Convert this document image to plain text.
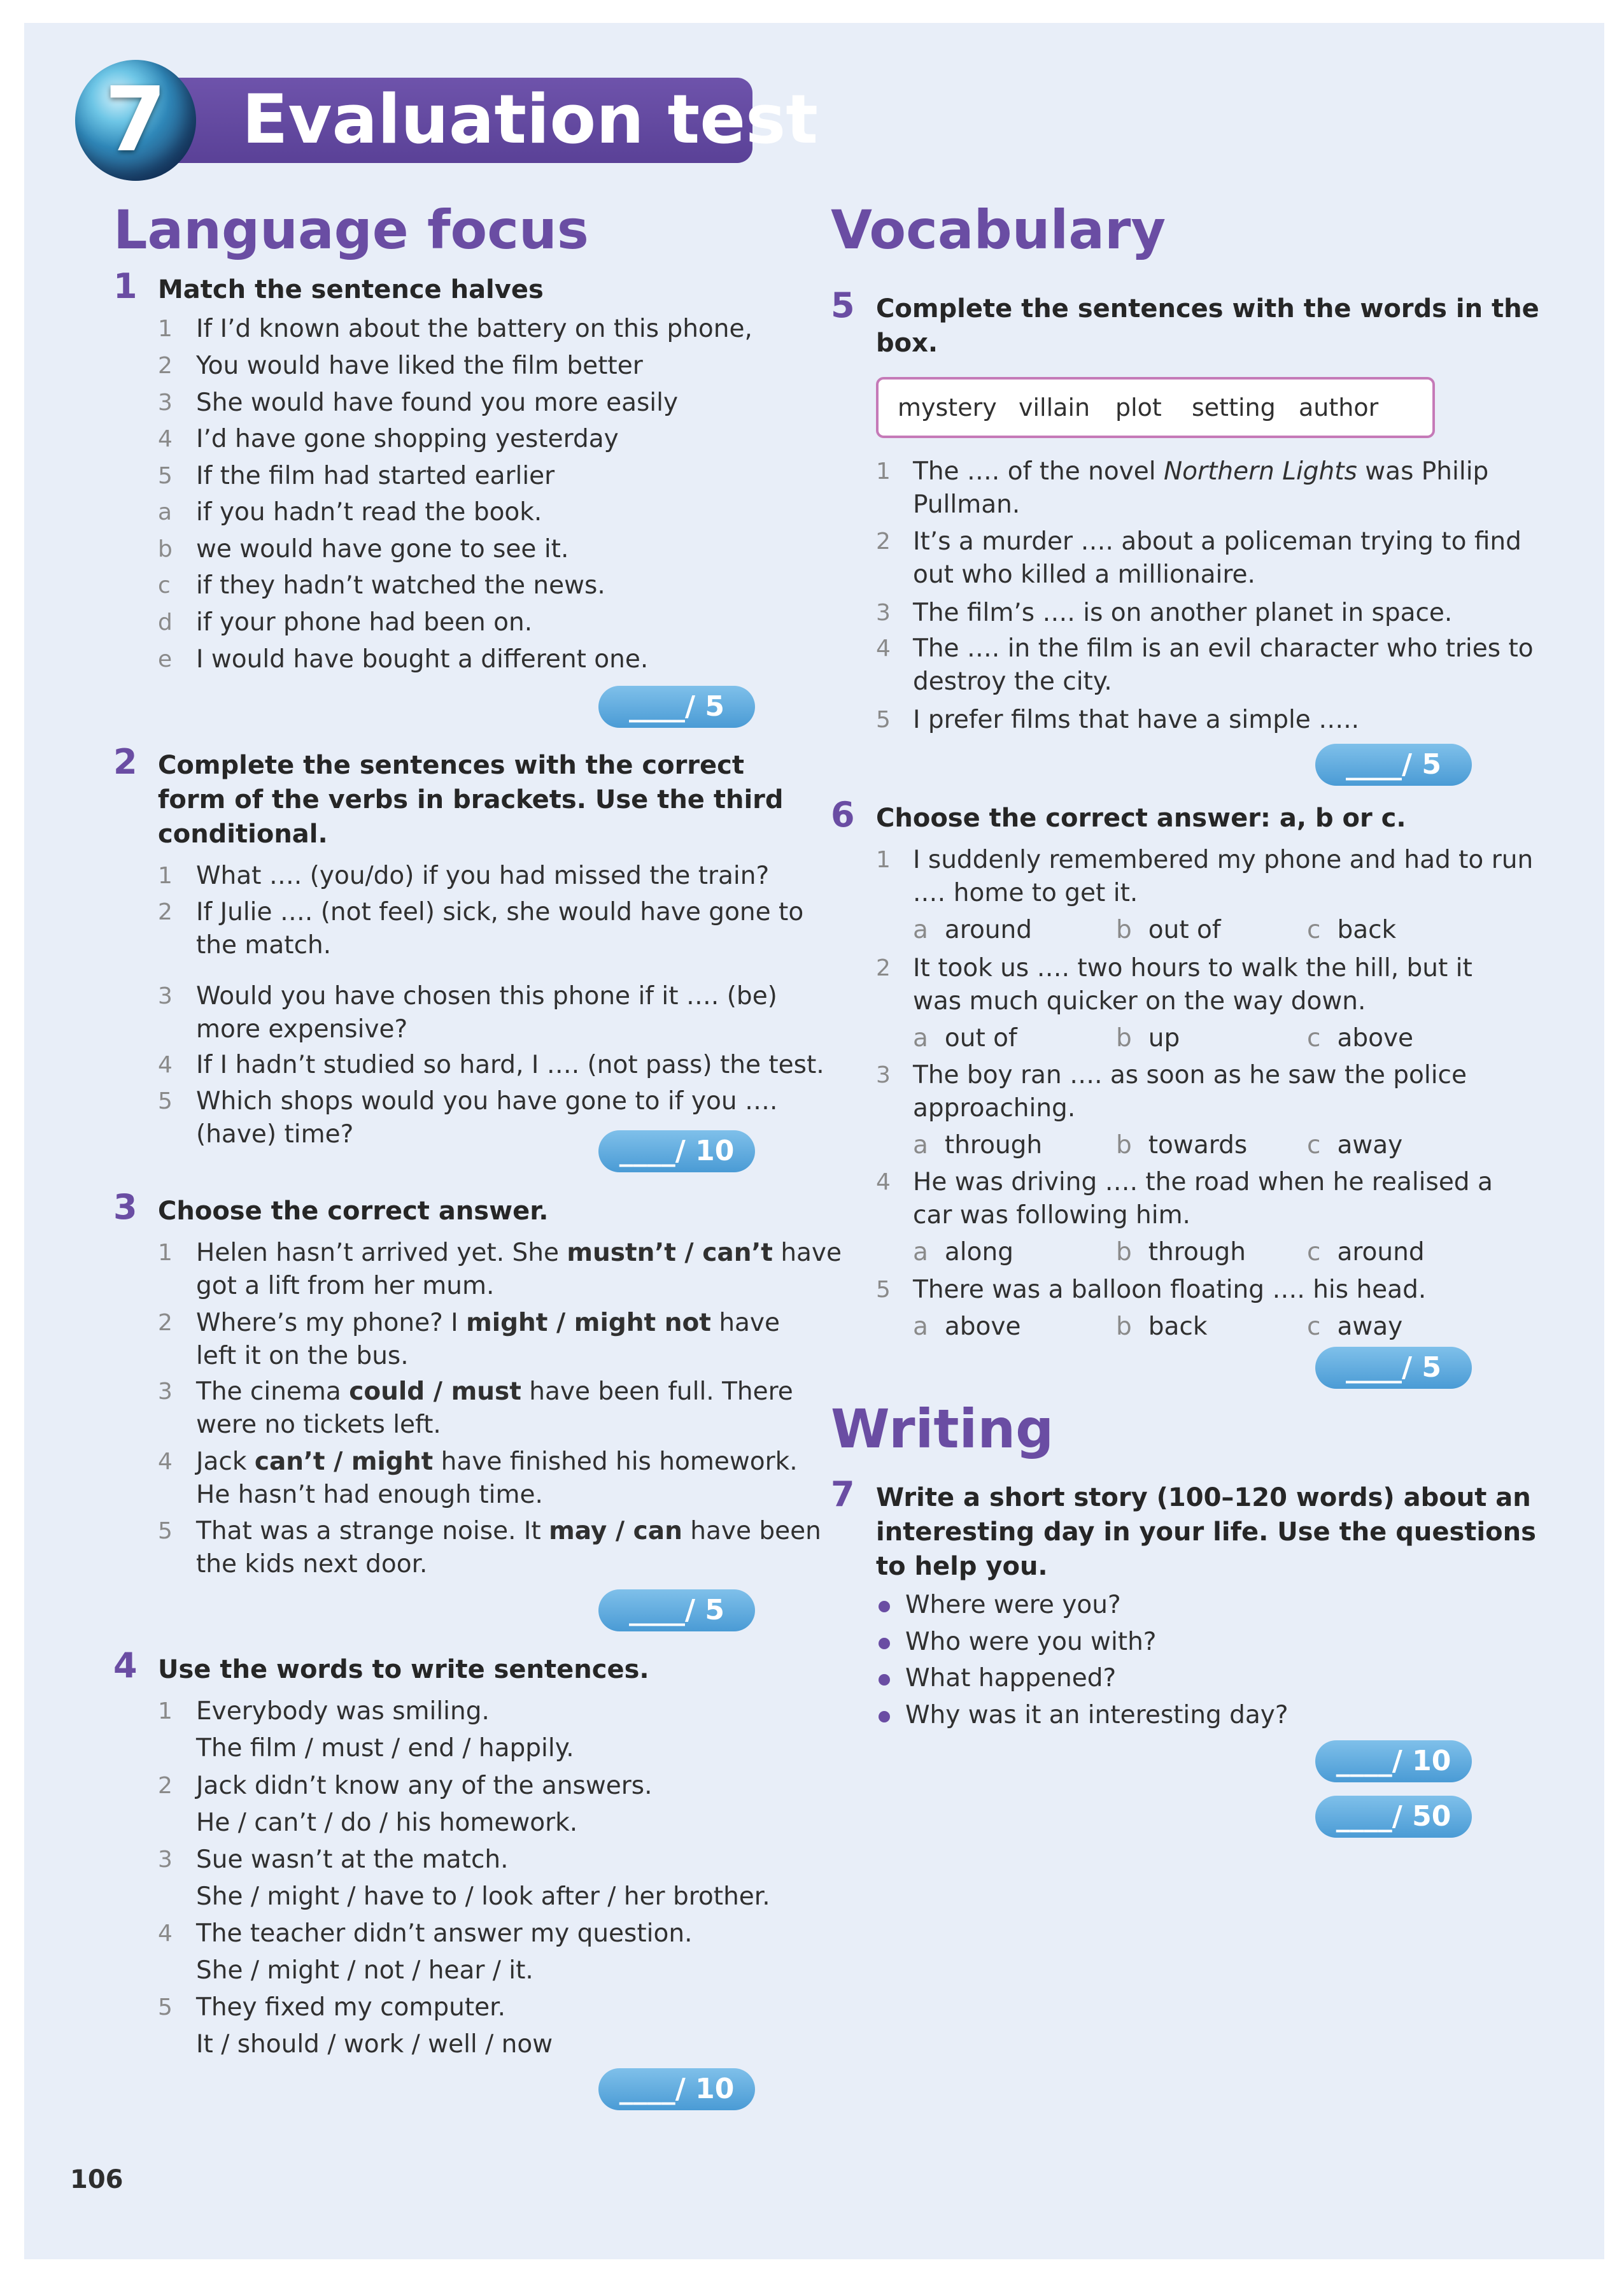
7	Evaluation test
Language focus
1 Match the sentence halves
____/ 5
2 Complete the sentences with the correct
form of the verbs in brackets. Use the third
conditional.
____/ 10
3 Choose the correct answer.
____/ 5
4 Use the words to write sentences.
____/ 10
106
Vocabulary
5 Complete the sentences with the words in the
box.
mystery villain plot setting author
1 The …. of the novel Northern Lights was Philip
Pullman.
____/ 5
6 Choose the correct answer: a, b or c.
____/ 5
Writing
7 Write a short story (100–120 words) about an
interesting day in your life. Use the questions
to help you.
____/ 10
____/ 50
1 If I’d known about the battery on this phone,
2 You would have liked the film better
3 She would have found you more easily
4 I’d have gone shopping yesterday
5 If the film had started earlier
a if you hadn’t read the book.
b we would have gone to see it.
c if they hadn’t watched the news.
d if your phone had been on.
e I would have bought a different one.
1 What …. (you/do) if you had missed the train?
2 If Julie …. (not feel) sick, she would have gone to
the match.
3 Would you have chosen this phone if it …. (be)
more expensive?
4 If I hadn’t studied so hard, I …. (not pass) the test.
5 Which shops would you have gone to if you ….
(have) time?
1 Helen hasn’t arrived yet. She mustn’t / can’t have
got a lift from her mum.
2 Where’s my phone? I might / might not have
left it on the bus.
3 The cinema could / must have been full. There
were no tickets left.
4 Jack can’t / might have finished his homework.
He hasn’t had enough time.
5 That was a strange noise. It may / can have been
the kids next door.
1 Everybody was smiling.
The film / must / end / happily.
2 Jack didn’t know any of the answers.
He / can’t / do / his homework.
3 Sue wasn’t at the match.
She / might / have to / look after / her brother.
4 The teacher didn’t answer my question.
She / might / not / hear / it.
5 They fixed my computer.
It / should / work / well / now
2 It’s a murder …. about a policeman trying to find
out who killed a millionaire.
3 The film’s …. is on another planet in space.
4 The …. in the film is an evil character who tries to
destroy the city.
5 I prefer films that have a simple …..
1 I suddenly remembered my phone and had to run
.… home to get it.
a around	b out of	c back
2 It took us …. two hours to walk the hill, but it
was much quicker on the way down.
a out of	b up	c above
3 The boy ran …. as soon as he saw the police
approaching.
a through	b towards c away
4 He was driving …. the road when he realised a
car was following him.
a along	b through c around
5 There was a balloon floating …. his head.
a above	b back	c away
Where were you?
Who were you with?
What happened?
Why was it an interesting day?
